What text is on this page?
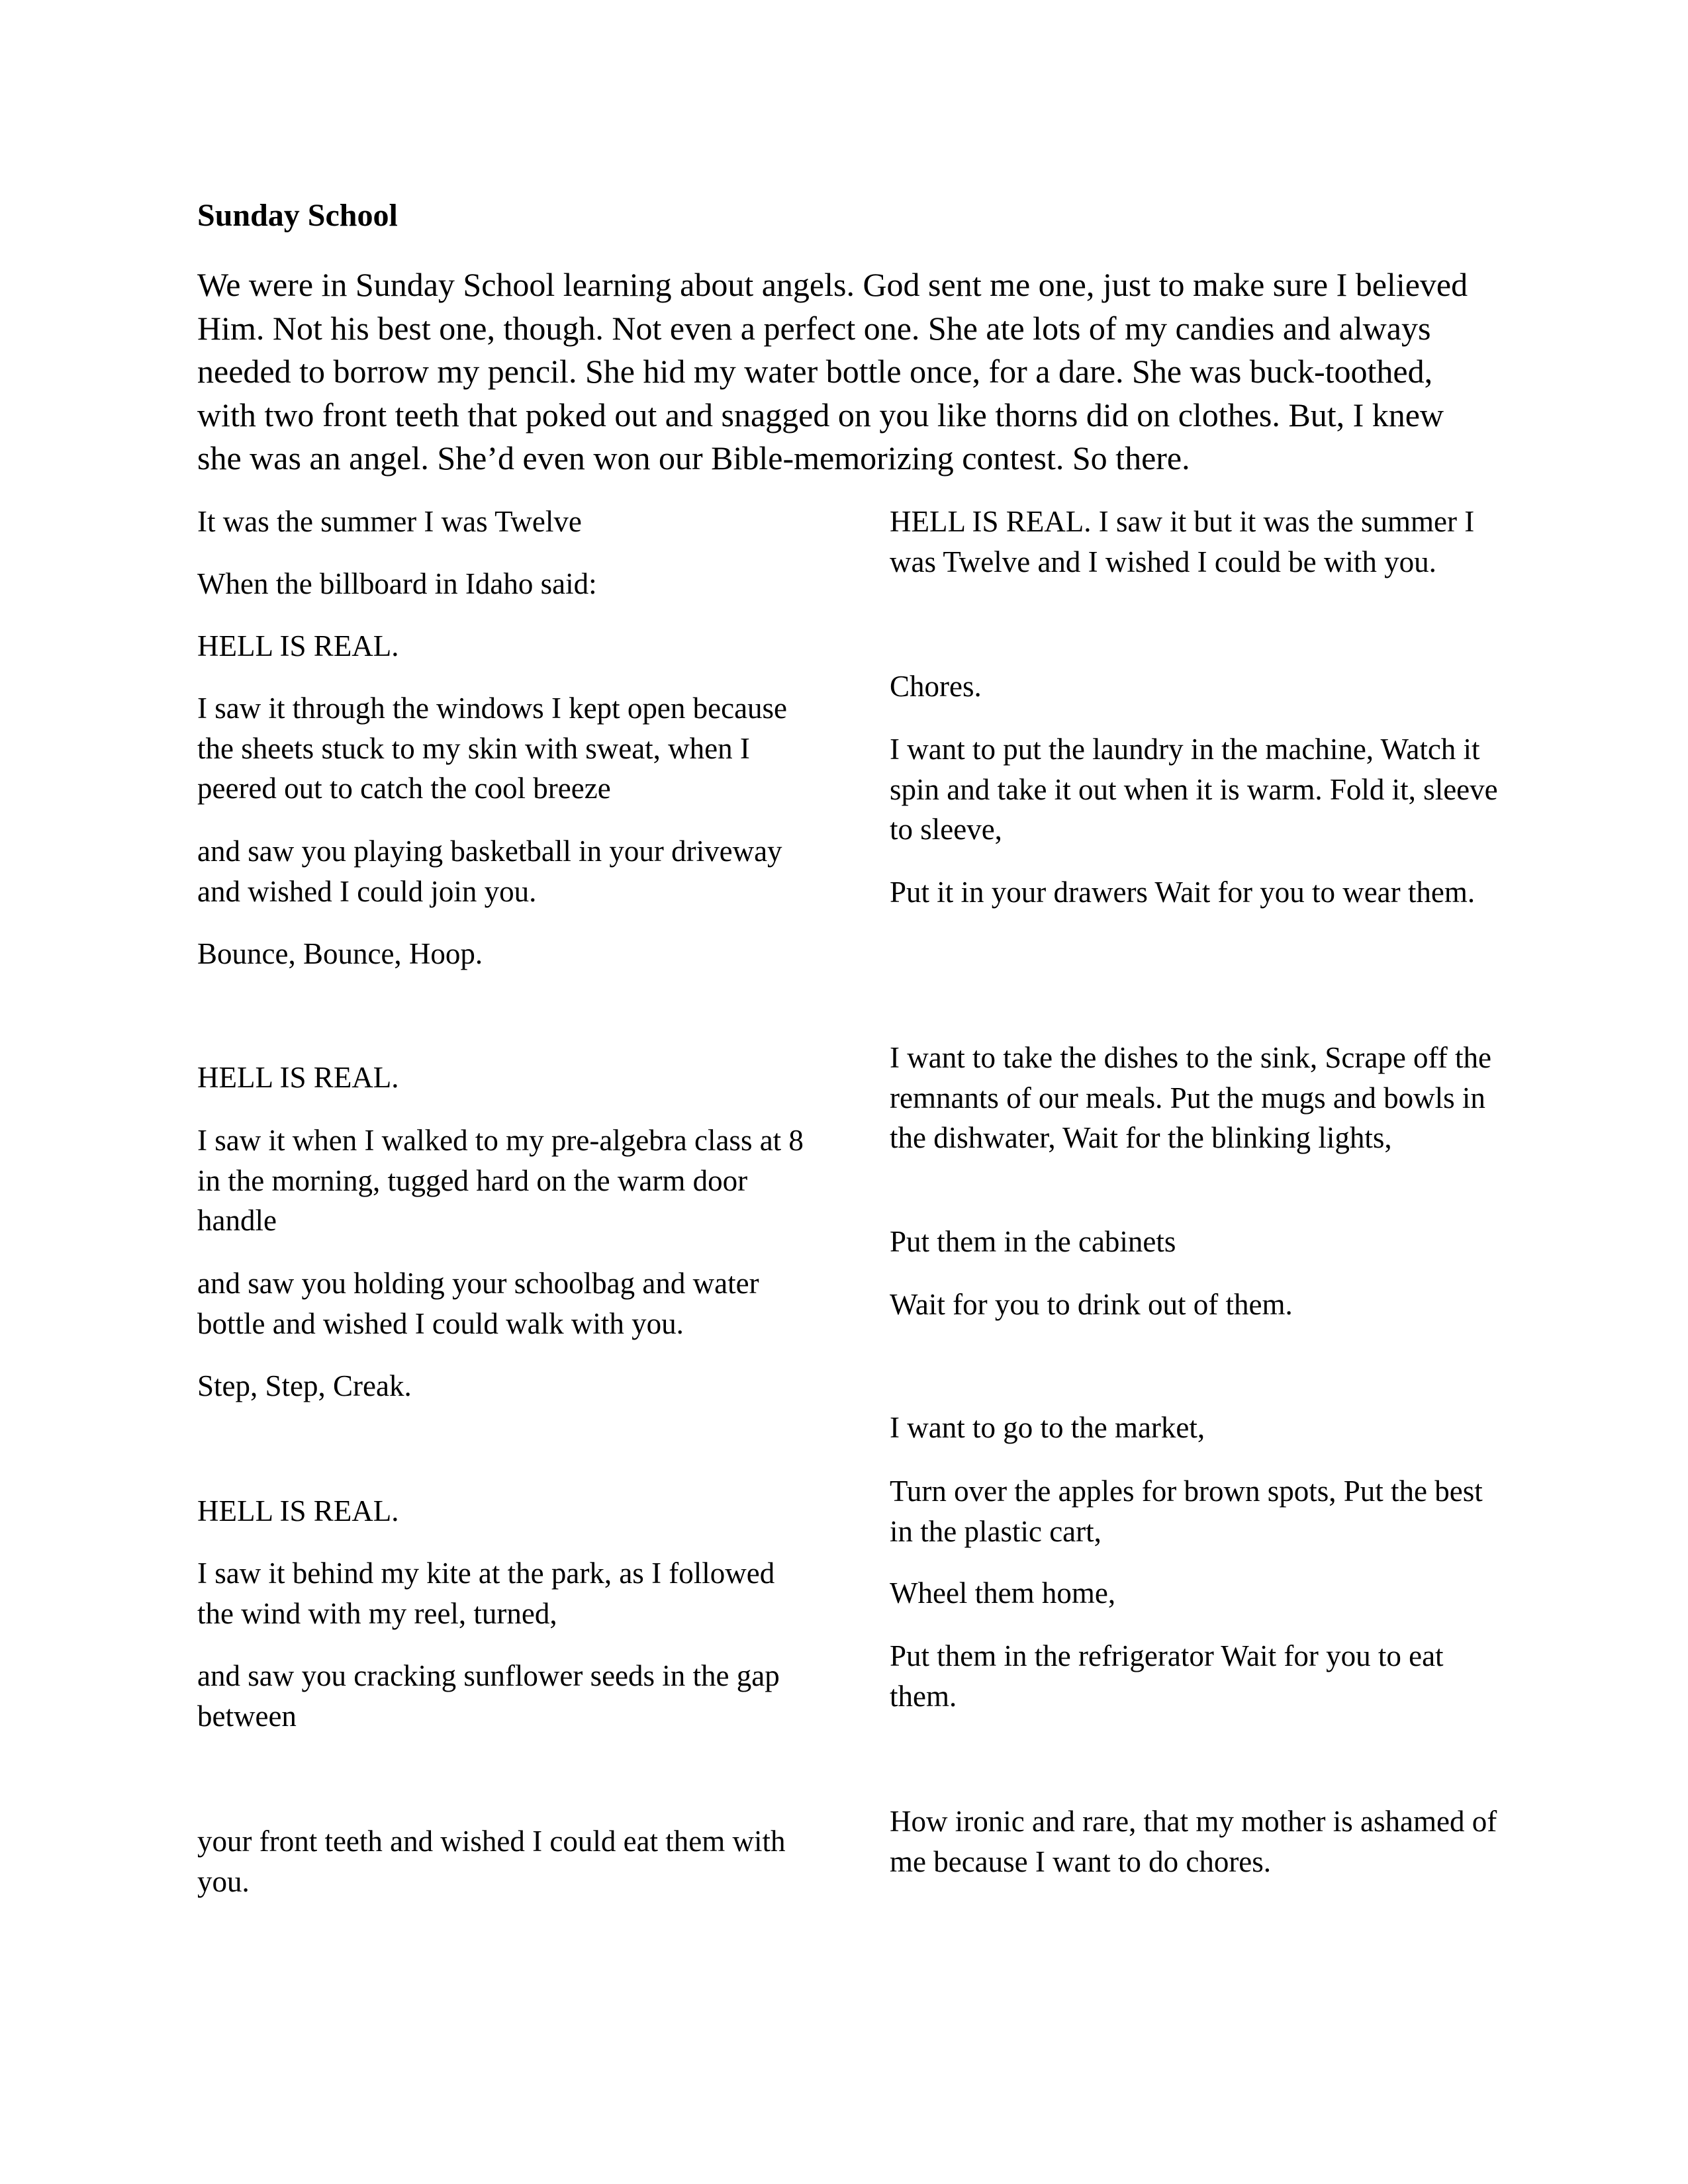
Sunday School

We were in Sunday School learning about angels. God sent me one, just to make sure I believed Him. Not his best one, though. Not even a perfect one. She ate lots of my candies and always needed to borrow my pencil. She hid my water bottle once, for a dare. She was buck-toothed, with two front teeth that poked out and snagged on you like thorns did on clothes. But, I knew she was an angel. She’d even won our Bible-memorizing contest. So there.

It was the summer I was Twelve

When the billboard in Idaho said:

HELL IS REAL.

I saw it through the windows I kept open because the sheets stuck to my skin with sweat, when I peered out to catch the cool breeze

and saw you playing basketball in your driveway and wished I could join you.

Bounce, Bounce, Hoop.

HELL IS REAL.

I saw it when I walked to my pre-algebra class at 8 in the morning, tugged hard on the warm door handle

and saw you holding your schoolbag and water bottle and wished I could walk with you.

Step, Step, Creak.

HELL IS REAL.

I saw it behind my kite at the park, as I followed the wind with my reel, turned,

and saw you cracking sunflower seeds in the gap between

your front teeth and wished I could eat them with you.

HELL IS REAL. I saw it but it was the summer I was Twelve and I wished I could be with you.

Chores.

I want to put the laundry in the machine, Watch it spin and take it out when it is warm. Fold it, sleeve to sleeve,

Put it in your drawers Wait for you to wear them.

I want to take the dishes to the sink, Scrape off the remnants of our meals. Put the mugs and bowls in the dishwater, Wait for the blinking lights,

Put them in the cabinets

Wait for you to drink out of them.

I want to go to the market,

Turn over the apples for brown spots, Put the best in the plastic cart,

Wheel them home,

Put them in the refrigerator Wait for you to eat them.

How ironic and rare, that my mother is ashamed of me because I want to do chores.
